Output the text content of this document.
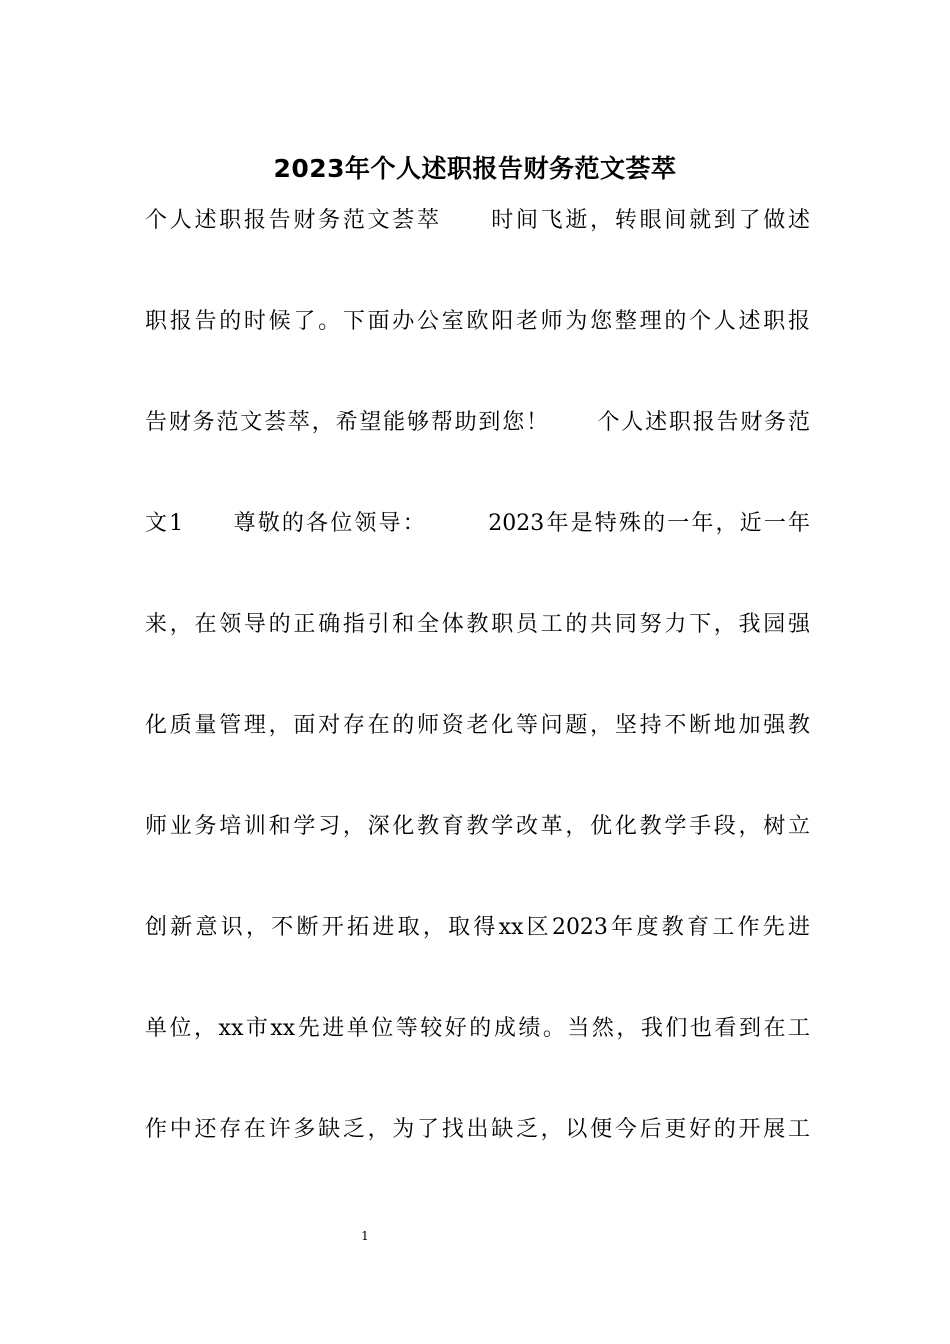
2023年个人述职报告财务范文荟萃
个人述职报告财务范文荟萃　　时间飞逝，转眼间就到了做述
职报告的时候了。下面办公室欧阳老师为您整理的个人述职报
告财务范文荟萃，希望能够帮助到您！　　个人述职报告财务范
文1　　尊敬的各位领导：　　　2023年是特殊的一年，近一年
来，在领导的正确指引和全体教职员工的共同努力下，我园强
化质量管理，面对存在的师资老化等问题，坚持不断地加强教
师业务培训和学习，深化教育教学改革，优化教学手段，树立
创新意识，不断开拓进取，取得xx区2023年度教育工作先进
单位，xx市xx先进单位等较好的成绩。当然，我们也看到在工
作中还存在许多缺乏，为了找出缺乏，以便今后更好的开展工
1
